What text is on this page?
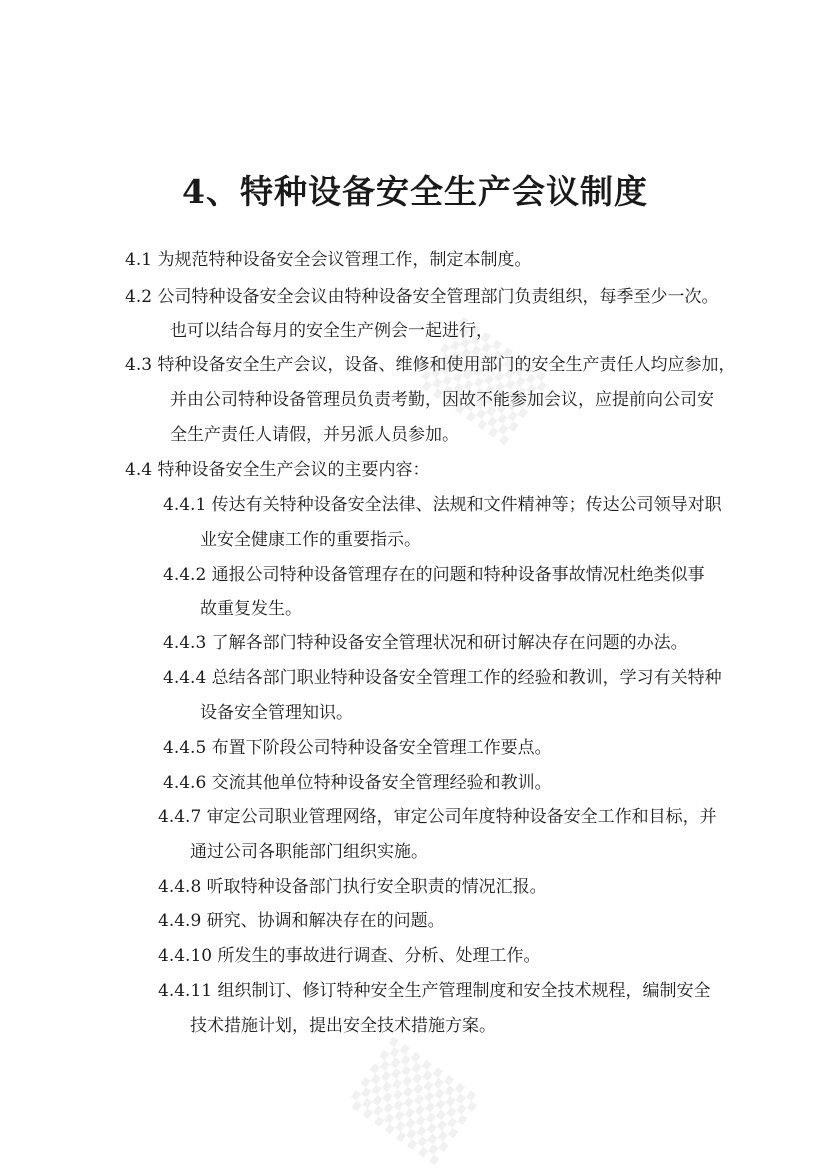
▒▒
▒▒
4、特种设备安全生产会议制度
4.1 为规范特种设备安全会议管理工作，制定本制度。
4.2 公司特种设备安全会议由特种设备安全管理部门负责组织，每季至少一次。
也可以结合每月的安全生产例会一起进行，
4.3 特种设备安全生产会议，设备、维修和使用部门的安全生产责任人均应参加，
并由公司特种设备管理员负责考勤，因故不能参加会议，应提前向公司安
全生产责任人请假，并另派人员参加。
4.4 特种设备安全生产会议的主要内容：
4.4.1 传达有关特种设备安全法律、法规和文件精神等；传达公司领导对职
业安全健康工作的重要指示。
4.4.2 通报公司特种设备管理存在的问题和特种设备事故情况杜绝类似事
故重复发生。
4.4.3 了解各部门特种设备安全管理状况和研讨解决存在问题的办法。
4.4.4 总结各部门职业特种设备安全管理工作的经验和教训，学习有关特种
设备安全管理知识。
4.4.5 布置下阶段公司特种设备安全管理工作要点。
4.4.6 交流其他单位特种设备安全管理经验和教训。
4.4.7 审定公司职业管理网络，审定公司年度特种设备安全工作和目标，并
通过公司各职能部门组织实施。
4.4.8 听取特种设备部门执行安全职责的情况汇报。
4.4.9 研究、协调和解决存在的问题。
4.4.10 所发生的事故进行调查、分析、处理工作。
4.4.11 组织制订、修订特种安全生产管理制度和安全技术规程，编制安全
技术措施计划，提出安全技术措施方案。
